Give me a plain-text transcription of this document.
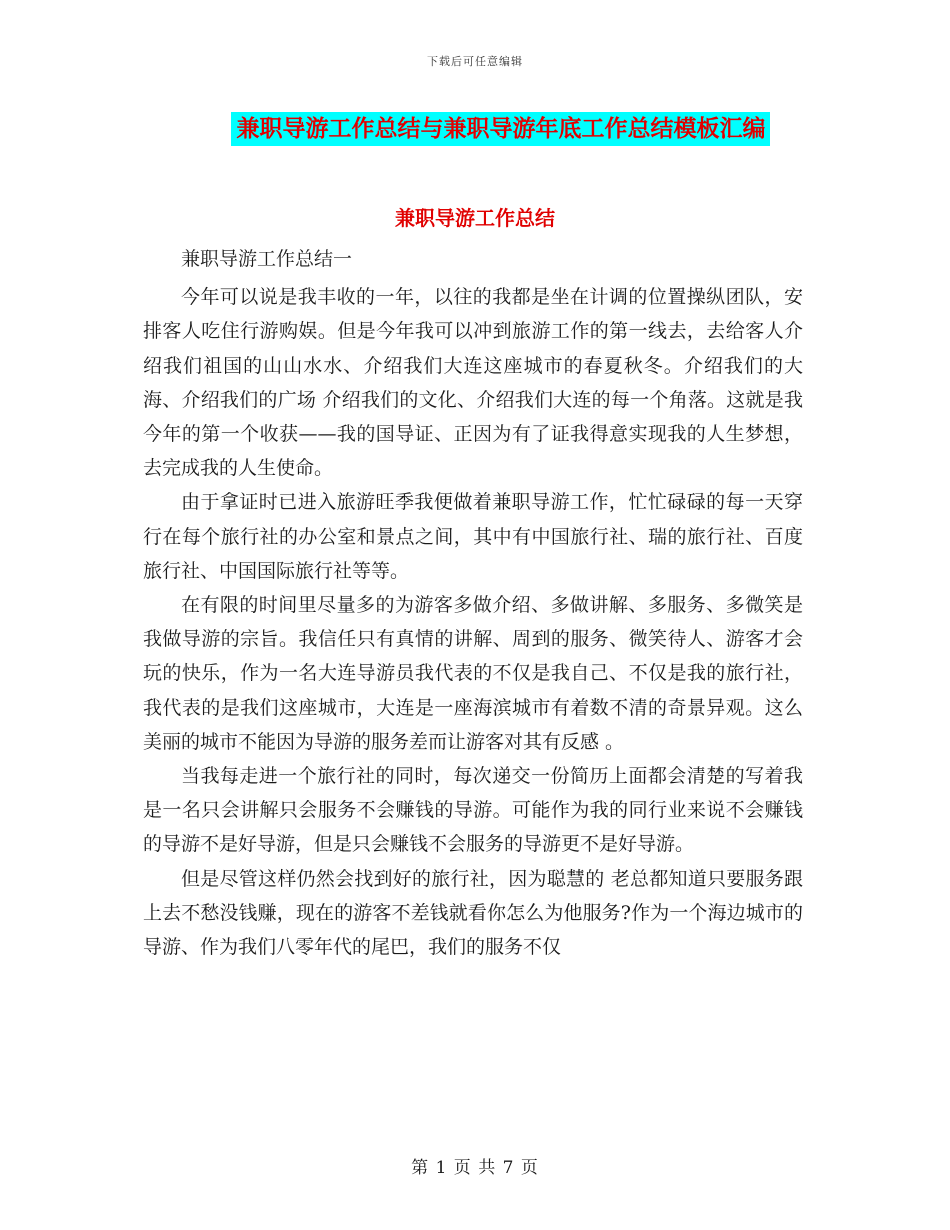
下载后可任意编辑
兼职导游工作总结与兼职导游年底工作总结模板汇编
兼职导游工作总结

兼职导游工作总结一

今年可以说是我丰收的一年，以往的我都是坐在计调的位置操纵团队，安排客人吃住行游购娱。但是今年我可以冲到旅游工作的第一线去，去给客人介绍我们祖国的山山水水、介绍我们大连这座城市的春夏秋冬。介绍我们的大海、介绍我们的广场 介绍我们的文化、介绍我们大连的每一个角落。这就是我今年的第一个收获——我的国导证、正因为有了证我得意实现我的人生梦想，去完成我的人生使命。

由于拿证时已进入旅游旺季我便做着兼职导游工作，忙忙碌碌的每一天穿行在每个旅行社的办公室和景点之间，其中有中国旅行社、瑞的旅行社、百度旅行社、中国国际旅行社等等。

在有限的时间里尽量多的为游客多做介绍、多做讲解、多服务、多微笑是我做导游的宗旨。我信任只有真情的讲解、周到的服务、微笑待人、游客才会玩的快乐，作为一名大连导游员我代表的不仅是我自己、不仅是我的旅行社，我代表的是我们这座城市，大连是一座海滨城市有着数不清的奇景异观。这么美丽的城市不能因为导游的服务差而让游客对其有反感 。

当我每走进一个旅行社的同时，每次递交一份简历上面都会清楚的写着我是一名只会讲解只会服务不会赚钱的导游。可能作为我的同行业来说不会赚钱的导游不是好导游，但是只会赚钱不会服务的导游更不是好导游。

但是尽管这样仍然会找到好的旅行社，因为聪慧的 老总都知道只要服务跟上去不愁没钱赚，现在的游客不差钱就看你怎么为他服务?作为一个海边城市的导游、作为我们八零年代的尾巴，我们的服务不仅

第 1 页 共 7 页
